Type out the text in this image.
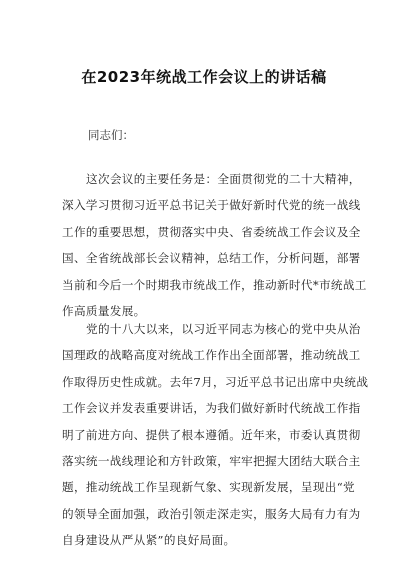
在2023年统战工作会议上的讲话稿
同志们：
这次会议的主要任务是：全面贯彻党的二十大精神，
深入学习贯彻习近平总书记关于做好新时代党的统一战线
工作的重要思想，贯彻落实中央、省委统战工作会议及全
国、全省统战部长会议精神，总结工作，分析问题，部署
当前和今后一个时期我市统战工作，推动新时代*市统战工
作高质量发展。
党的十八大以来，以习近平同志为核心的党中央从治
国理政的战略高度对统战工作作出全面部署，推动统战工
作取得历史性成就。去年7月，习近平总书记出席中央统战
工作会议并发表重要讲话，为我们做好新时代统战工作指
明了前进方向、提供了根本遵循。近年来，市委认真贯彻
落实统一战线理论和方针政策，牢牢把握大团结大联合主
题，推动统战工作呈现新气象、实现新发展，呈现出“党
的领导全面加强，政治引领走深走实，服务大局有力有为
自身建设从严从紧”的良好局面。
